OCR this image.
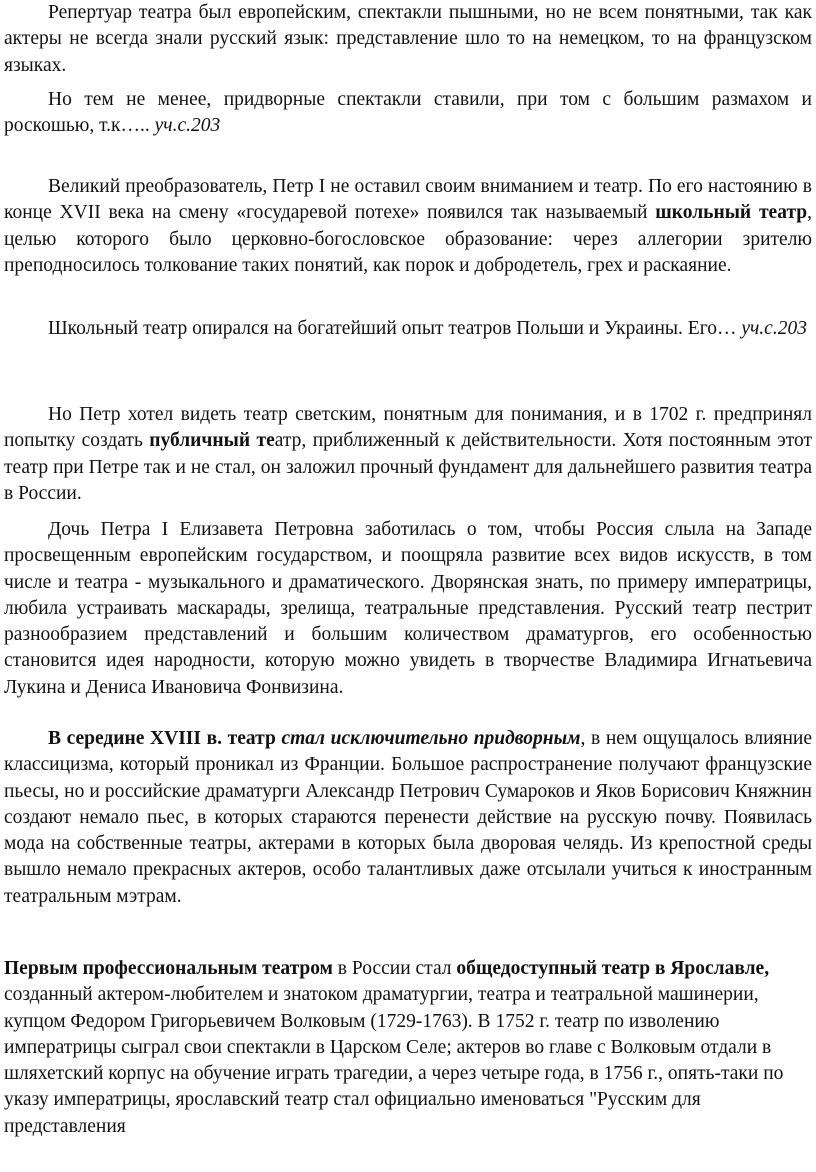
Репертуар театра был европейским, спектакли пышными, но не всем понятными, так как актеры не всегда знали русский язык: представление шло то на немецком, то на французском языках.

Но тем не менее, придворные спектакли ставили, при том с большим размахом и роскошью, т.к….. уч.с.203

Великий преобразователь, Петр I не оставил своим вниманием и театр. По его настоянию в конце XVII века на смену «государевой потехе» появился так называемый школьный театр, целью которого было церковно-богословское образование: через аллегории зрителю преподносилось толкование таких понятий, как порок и добродетель, грех и раскаяние.

Школьный театр опирался на богатейший опыт театров Польши и Украины. Его… уч.с.203

Но Петр хотел видеть театр светским, понятным для понимания, и в 1702 г. предпринял попытку создать публичный театр, приближенный к действительности. Хотя постоянным этот театр при Петре так и не стал, он заложил прочный фундамент для дальнейшего развития театра в России.

Дочь Петра I Елизавета Петровна заботилась о том, чтобы Россия слыла на Западе просвещенным европейским государством, и поощряла развитие всех видов искусств, в том числе и театра - музыкального и драматического. Дворянская знать, по примеру императрицы, любила устраивать маскарады, зрелища, театральные представления. Русский театр пестрит разнообразием представлений и большим количеством драматургов, его особенностью становится идея народности, которую можно увидеть в творчестве Владимира Игнатьевича Лукина и Дениса Ивановича Фонвизина.

В середине XVIII в. театр стал исключительно придворным, в нем ощущалось влияние классицизма, который проникал из Франции. Большое распространение получают французские пьесы, но и российские драматурги Александр Петрович Сумароков и Яков Борисович Княжнин создают немало пьес, в которых стараются перенести действие на русскую почву. Появилась мода на собственные театры, актерами в которых была дворовая челядь. Из крепостной среды вышло немало прекрасных актеров, особо талантливых даже отсылали учиться к иностранным театральным мэтрам.

Первым профессиональным театром в России стал общедоступный театр в Ярославле, созданный актером-любителем и знатоком драматургии, театра и театральной машинерии, купцом Федором Григорьевичем Волковым (1729-1763). В 1752 г. театр по изволению императрицы сыграл свои спектакли в Царском Селе; актеров во главе с Волковым отдали в шляхетский корпус на обучение играть трагедии, а через четыре года, в 1756 г., опять-таки по указу императрицы, ярославский театр стал официально именоваться "Русским для представления
